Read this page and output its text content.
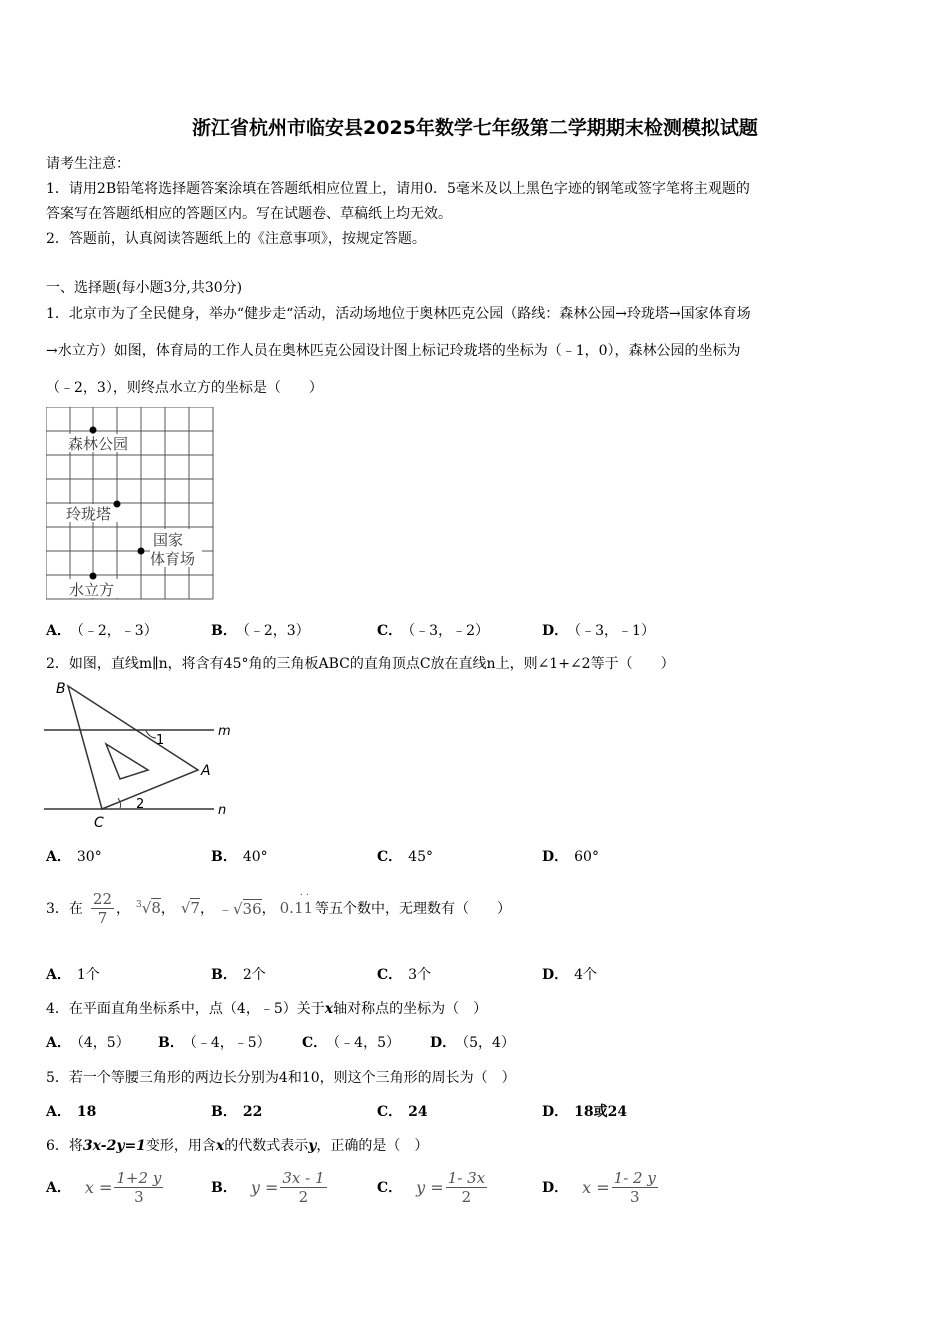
浙江省杭州市临安县2025年数学七年级第二学期期末检测模拟试题
请考生注意：
1．请用2B铅笔将选择题答案涂填在答题纸相应位置上，请用0．5毫米及以上黑色字迹的钢笔或签字笔将主观题的
答案写在答题纸相应的答题区内。写在试题卷、草稿纸上均无效。
2．答题前，认真阅读答题纸上的《注意事项》，按规定答题。
一、选择题(每小题3分,共30分)
1．北京市为了全民健身，举办“健步走“活动，活动场地位于奥林匹克公园（路线：森林公园→玲珑塔→国家体育场
→水立方）如图，体育局的工作人员在奥林匹克公园设计图上标记玲珑塔的坐标为（﹣1，0），森林公园的坐标为
（﹣2，3），则终点水立方的坐标是（　　）
森林公园
玲珑塔
国家
体育场
水立方
A． （﹣2，﹣3）	B． （﹣2，3）	C． （﹣3，﹣2）	D． （﹣3，﹣1）
2．如图，直线m∥n，将含有45°角的三角板ABC的直角顶点C放在直线n上，则∠1+∠2等于（　　）
B
A
C
m
n
1
2
A． 30°	B． 40°	C． 45°	D． 60°
3．在 $\frac{22}{7}$ ， $^3$√8 ， √7 ， ﹣√36 ， 0.11
··
等五个数中，无理数有（　　）
A． 1个	B． 2个	C． 3个	D． 4个
4．在平面直角坐标系中，点（4，﹣5）关于x轴对称点的坐标为（　）
A． （4，5） B． （﹣4，﹣5） C． （﹣4，5） D． （5，4）
5．若一个等腰三角形的两边长分别为4和10，则这个三角形的周长为（　）
A． 18	B． 22	C． 24	D． 18或24
6．将3x-2y=1变形，用含x的代数式表示y，正确的是（　）
A． $x = \frac{1+2 y}{3}$	B． $y = \frac{3x - 1}{2}$	C． $y = \frac{1- 3x}{2}$	D． $x = \frac{1- 2 y}{3}$
